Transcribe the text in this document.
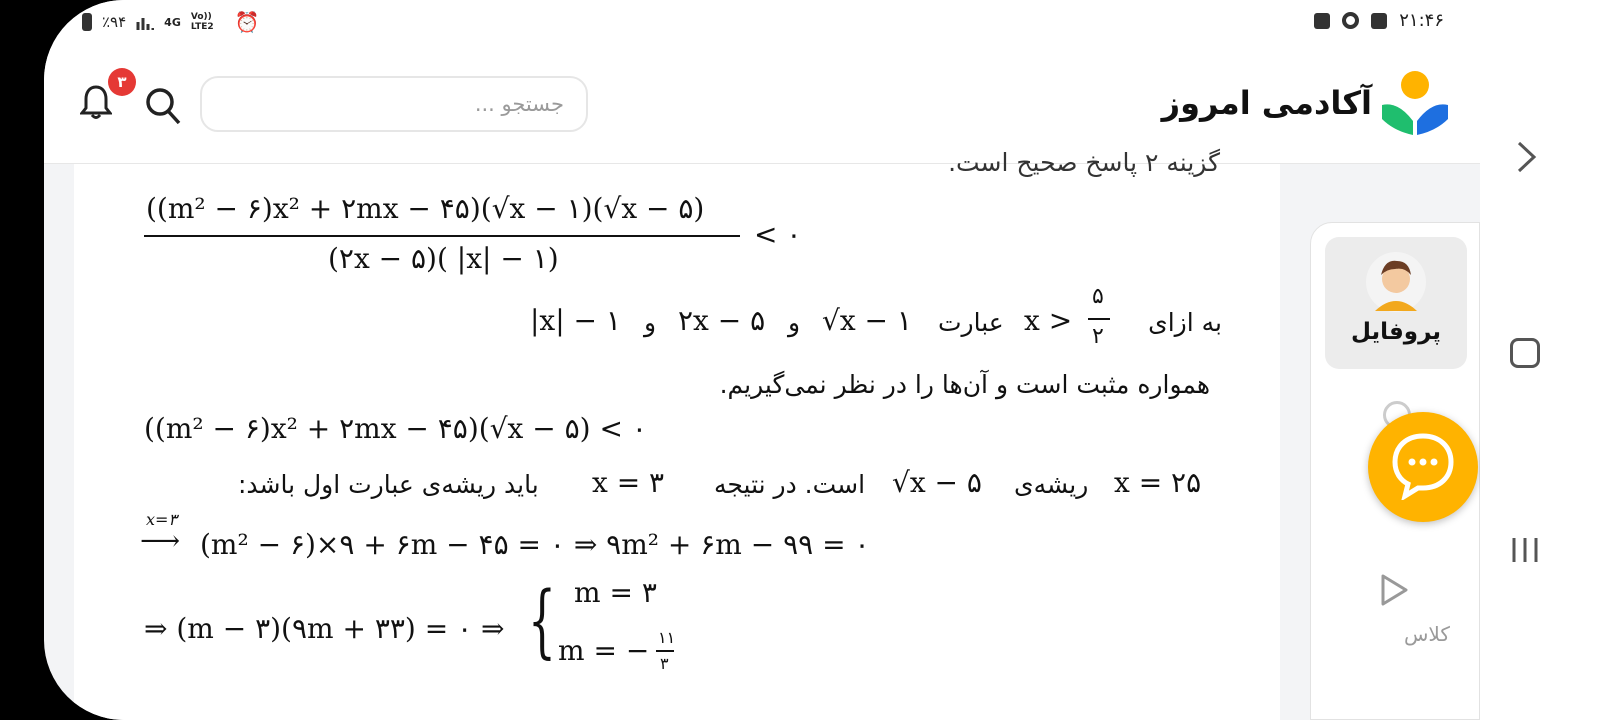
٪۹۴	4G Vo)) LTE2	⏰	۲۱:۴۶
۳
جستجو ...	آکادمی امروز
گزینه ۲ پاسخ صحیح است.
((m² − ۶)x² + ۲mx − ۴۵)(√x − ۱)(√x − ۵)
(۲x − ۵)( |x| − ۱)
< ۰
به ازای
۵
۲
x >
عبارت
√x − ۱
و
۲x − ۵
و
|x| − ۱
همواره مثبت است و آن‌ها را در نظر نمی‌گیریم.
((m² − ۶)x² + ۲mx − ۴۵)(√x − ۵) < ۰
x = ۲۵
ریشه‌ی
√x − ۵
است. در نتیجه
x = ۳
باید ریشه‌ی عبارت اول باشد:
x=۳
⟶ (m² − ۶)×۹ + ۶m − ۴۵ = ۰ ⇒ ۹m² + ۶m − ۹۹ = ۰
⇒ (m − ۳)(۹m + ۳۳) = ۰ ⇒ { m = ۳
m = − ۱۱
۳
پروفایل
کلاس
